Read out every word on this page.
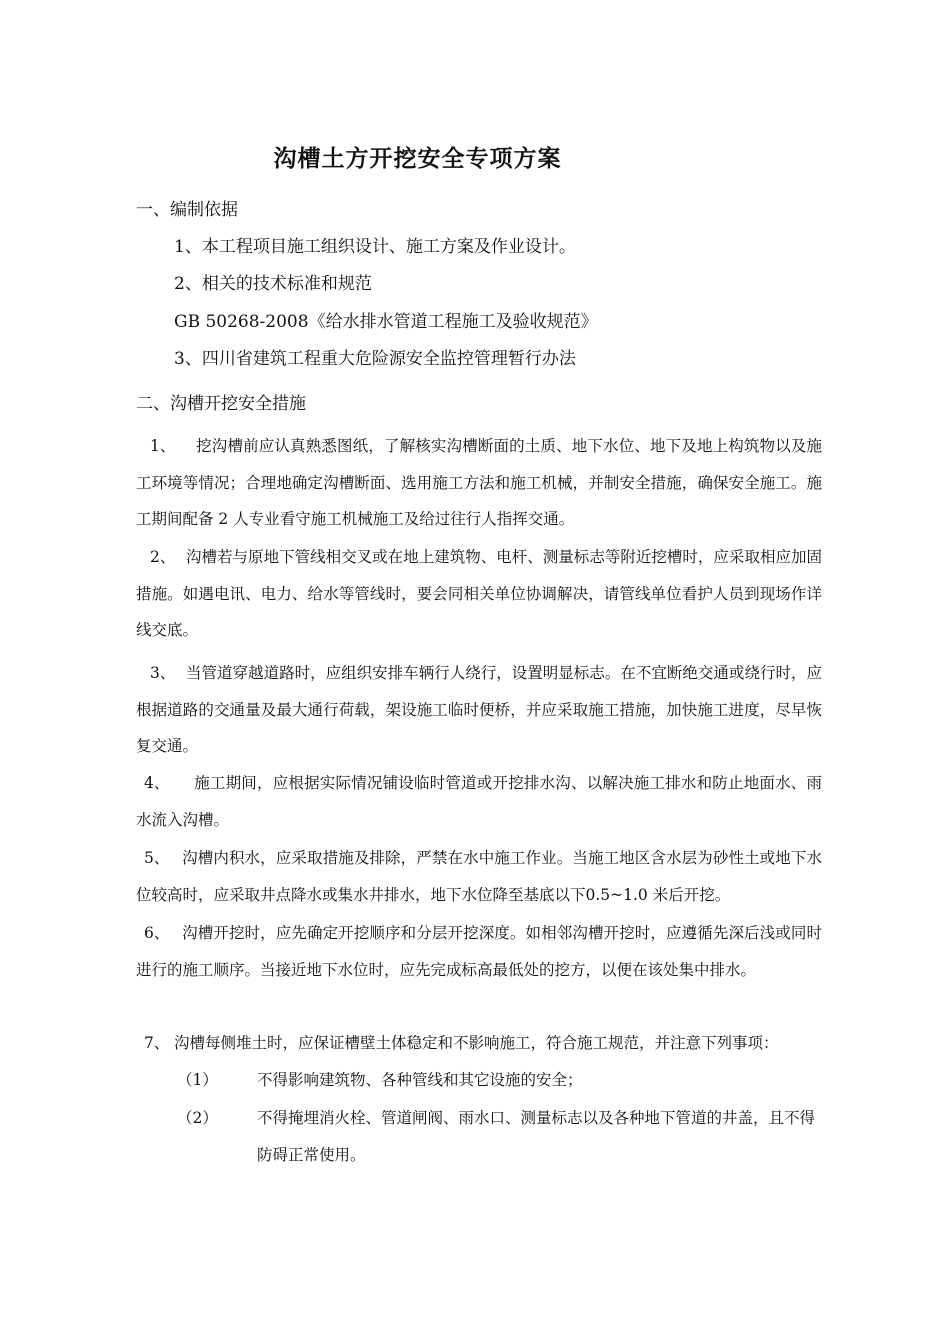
沟槽土方开挖安全专项方案
一、编制依据
1、本工程项目施工组织设计、施工方案及作业设计。
2、相关的技术标准和规范
GB 50268-2008《给水排水管道工程施工及验收规范》
3、四川省建筑工程重大危险源安全监控管理暂行办法
二、沟槽开挖安全措施
1、 挖沟槽前应认真熟悉图纸，了解核实沟槽断面的土质、地下水位、地下及地上构筑物以及施工环境等情况；合理地确定沟槽断面、选用施工方法和施工机械，并制安全措施，确保安全施工。施工期间配备 2 人专业看守施工机械施工及给过往行人指挥交通。
2、 沟槽若与原地下管线相交叉或在地上建筑物、电杆、测量标志等附近挖槽时，应采取相应加固措施。如遇电讯、电力、给水等管线时，要会同相关单位协调解决，请管线单位看护人员到现场作详线交底。
3、 当管道穿越道路时，应组织安排车辆行人绕行，设置明显标志。在不宜断绝交通或绕行时，应根据道路的交通量及最大通行荷载，架设施工临时便桥，并应采取施工措施，加快施工进度，尽早恢复交通。
4、 施工期间，应根据实际情况铺设临时管道或开挖排水沟、以解决施工排水和防止地面水、雨水流入沟槽。
5、 沟槽内积水，应采取措施及排除，严禁在水中施工作业。当施工地区含水层为砂性土或地下水位较高时，应采取井点降水或集水井排水，地下水位降至基底以下0.5~1.0 米后开挖。
6、 沟槽开挖时，应先确定开挖顺序和分层开挖深度。如相邻沟槽开挖时，应遵循先深后浅或同时进行的施工顺序。当接近地下水位时，应先完成标高最低处的挖方，以便在该处集中排水。
7、 沟槽每侧堆土时，应保证槽壁土体稳定和不影响施工，符合施工规范，并注意下列事项：
（1）	不得影响建筑物、各种管线和其它设施的安全；
（2）	不得掩埋消火栓、管道闸阀、雨水口、测量标志以及各种地下管道的井盖，且不得防碍正常使用。
